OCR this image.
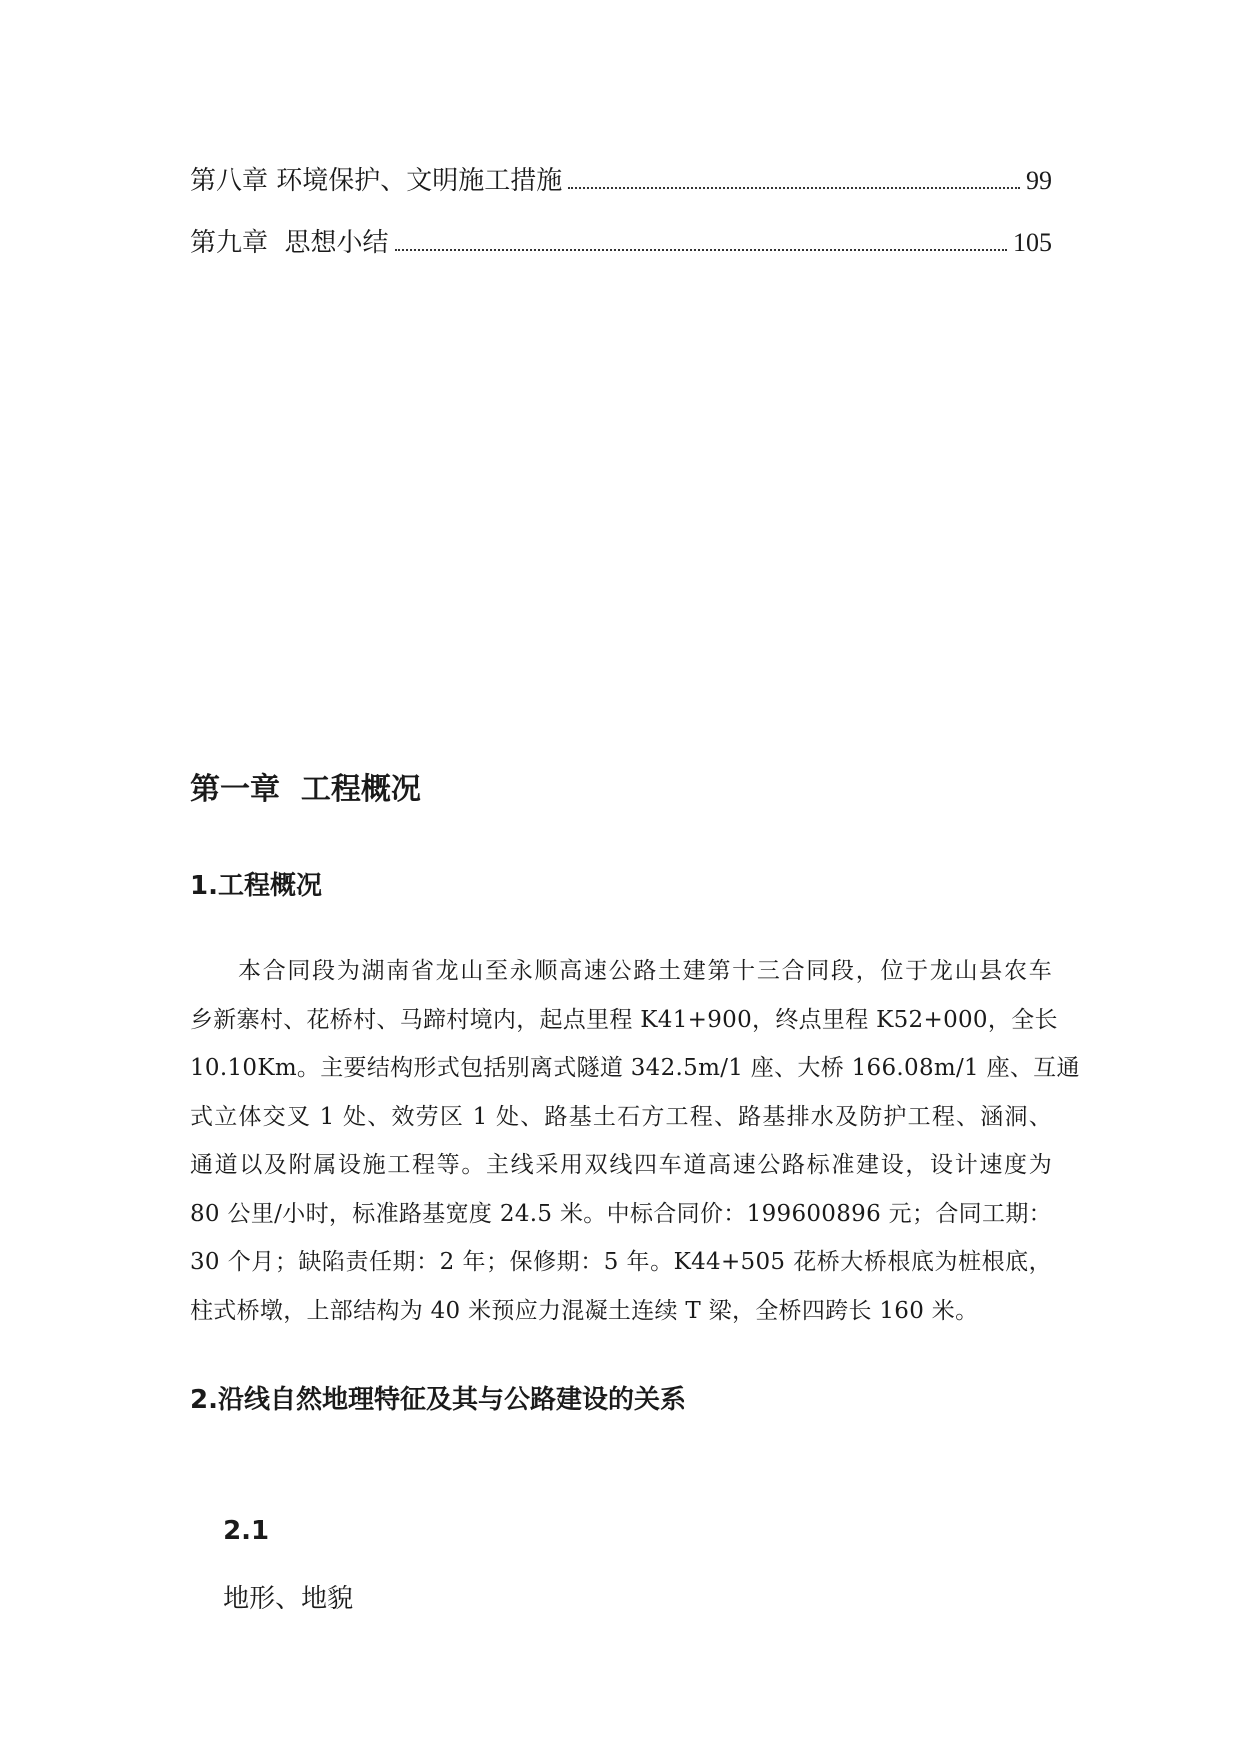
第八章 环境保护、文明施工措施	99
第九章  思想小结	105
第一章  工程概况
1.工程概况
本合同段为湖南省龙山至永顺高速公路土建第十三合同段，位于龙山县农车
乡新寨村、花桥村、马蹄村境内，起点里程 K41+900，终点里程 K52+000，全长
10.10Km。主要结构形式包括别离式隧道 342.5m/1 座、大桥 166.08m/1 座、互通
式立体交叉 1 处、效劳区 1 处、路基土石方工程、路基排水及防护工程、涵洞、
通道以及附属设施工程等。主线采用双线四车道高速公路标准建设，设计速度为
80 公里/小时，标准路基宽度 24.5 米。中标合同价：199600896 元；合同工期：
30 个月；缺陷责任期：2 年；保修期：5 年。K44+505 花桥大桥根底为桩根底，
柱式桥墩，上部结构为 40 米预应力混凝土连续 T 梁，全桥四跨长 160 米。
2.沿线自然地理特征及其与公路建设的关系

2.1

地形、地貌
